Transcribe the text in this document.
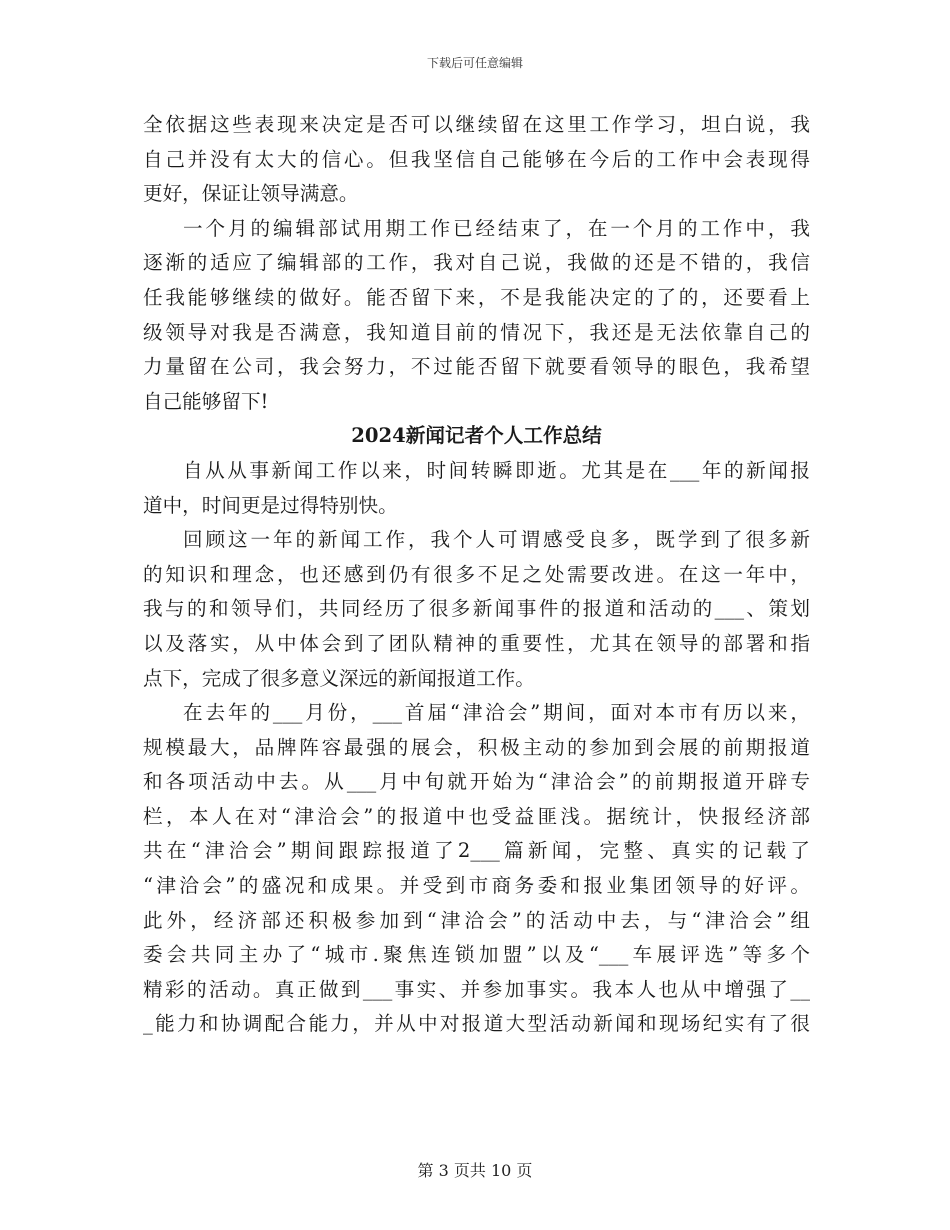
下载后可任意编辑
全依据这些表现来决定是否可以继续留在这里工作学习，坦白说，我
自己并没有太大的信心。但我坚信自己能够在今后的工作中会表现得
更好，保证让领导满意。
一个月的编辑部试用期工作已经结束了，在一个月的工作中，我
逐渐的适应了编辑部的工作，我对自己说，我做的还是不错的，我信
任我能够继续的做好。能否留下来，不是我能决定的了的，还要看上
级领导对我是否满意，我知道目前的情况下，我还是无法依靠自己的
力量留在公司，我会努力，不过能否留下就要看领导的眼色，我希望
自己能够留下!
2024新闻记者个人工作总结
自从从事新闻工作以来，时间转瞬即逝。尤其是在___年的新闻报
道中，时间更是过得特别快。
回顾这一年的新闻工作，我个人可谓感受良多，既学到了很多新
的知识和理念，也还感到仍有很多不足之处需要改进。在这一年中，
我与的和领导们，共同经历了很多新闻事件的报道和活动的___、策划
以及落实，从中体会到了团队精神的重要性，尤其在领导的部署和指
点下，完成了很多意义深远的新闻报道工作。
在去年的___月份，___首届“津洽会”期间，面对本市有历以来，
规模最大，品牌阵容最强的展会，积极主动的参加到会展的前期报道
和各项活动中去。从___月中旬就开始为“津洽会”的前期报道开辟专
栏，本人在对“津洽会”的报道中也受益匪浅。据统计，快报经济部
共在“津洽会”期间跟踪报道了2___篇新闻，完整、真实的记载了
“津洽会”的盛况和成果。并受到市商务委和报业集团领导的好评。
此外，经济部还积极参加到“津洽会”的活动中去，与“津洽会”组
委会共同主办了“城市.聚焦连锁加盟”以及“___车展评选”等多个
精彩的活动。真正做到___事实、并参加事实。我本人也从中增强了__
_能力和协调配合能力，并从中对报道大型活动新闻和现场纪实有了很
第 3 页共 10 页
